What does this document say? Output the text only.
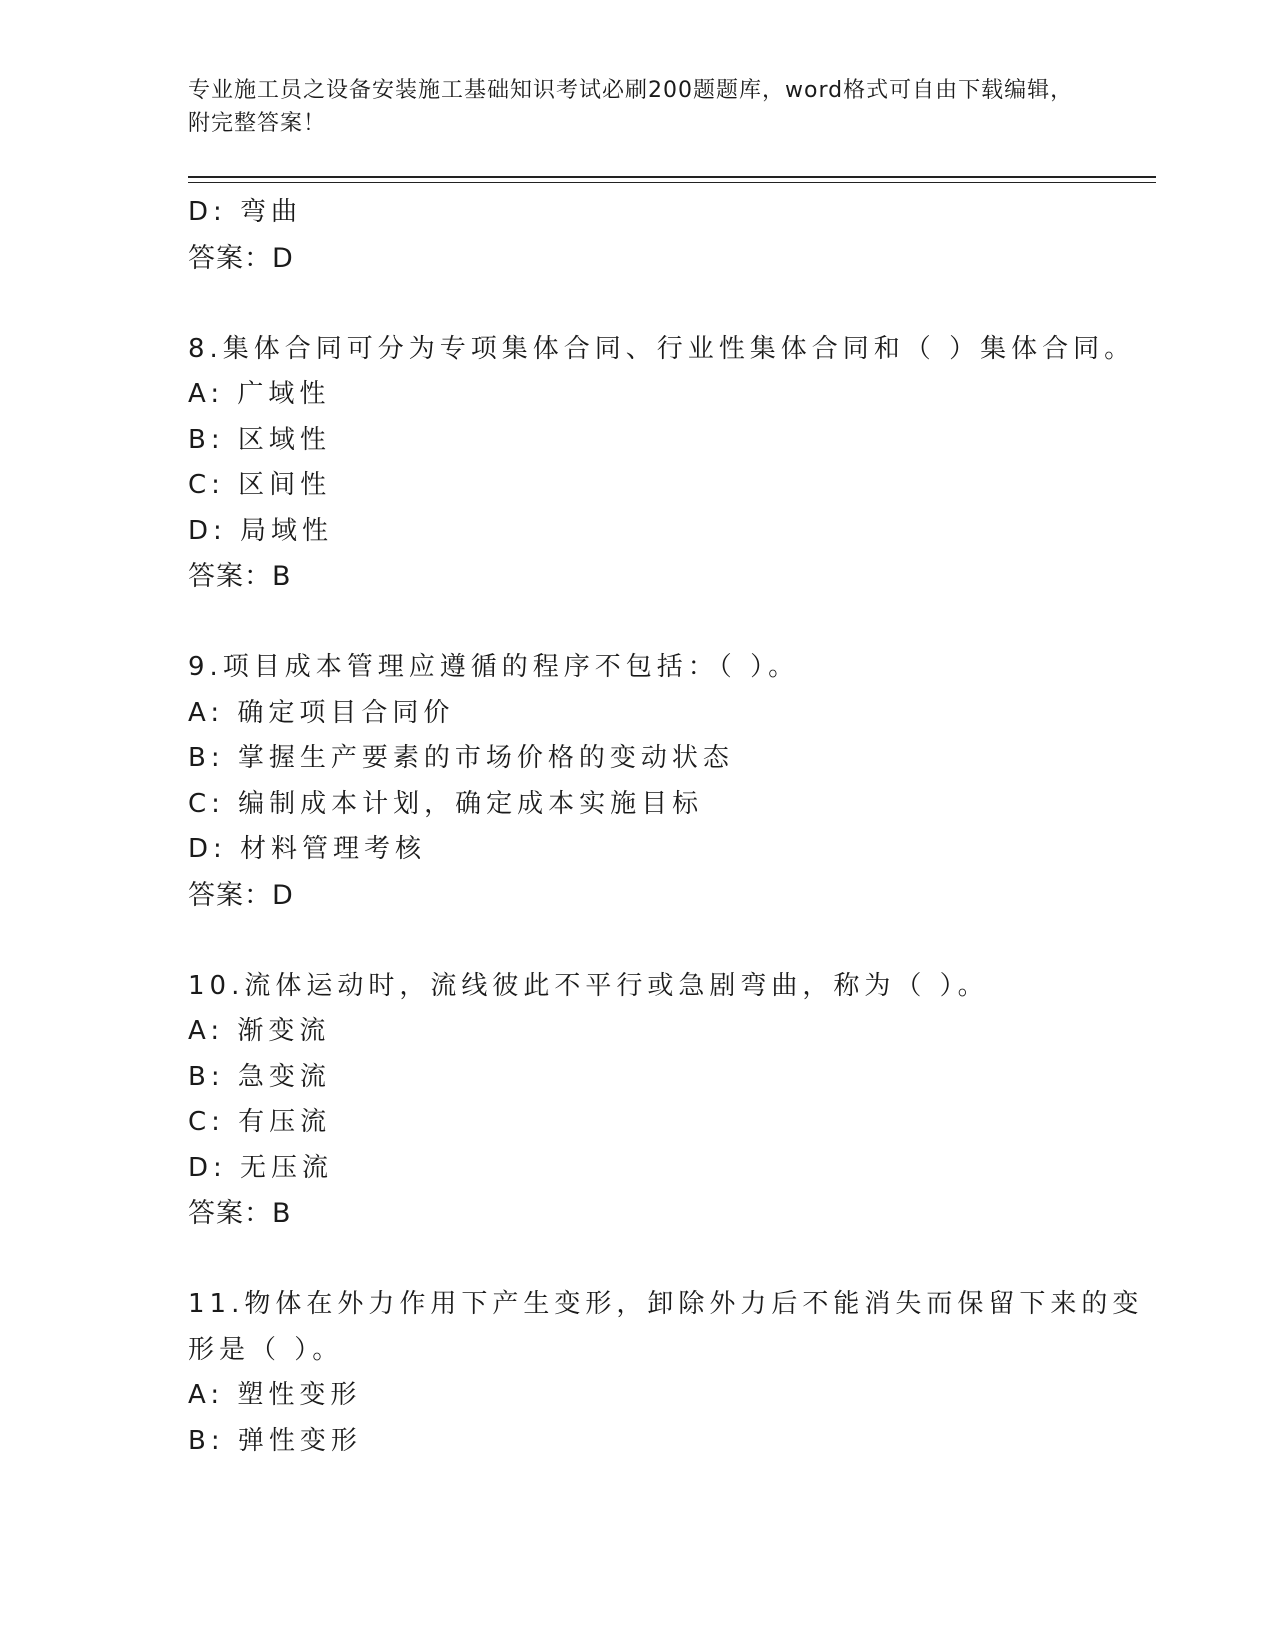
专业施工员之设备安装施工基础知识考试必刷200题题库，word格式可自由下载编辑，附完整答案！

D: 弯曲
答案：D
8.集体合同可分为专项集体合同、行业性集体合同和（ ）集体合同。
A: 广域性
B: 区域性
C: 区间性
D: 局域性
答案：B
9.项目成本管理应遵循的程序不包括：（ ）。
A: 确定项目合同价
B: 掌握生产要素的市场价格的变动状态
C: 编制成本计划，确定成本实施目标
D: 材料管理考核
答案：D
10.流体运动时，流线彼此不平行或急剧弯曲，称为（ ）。
A: 渐变流
B: 急变流
C: 有压流
D: 无压流
答案：B
11.物体在外力作用下产生变形，卸除外力后不能消失而保留下来的变
形是（ ）。
A: 塑性变形
B: 弹性变形
